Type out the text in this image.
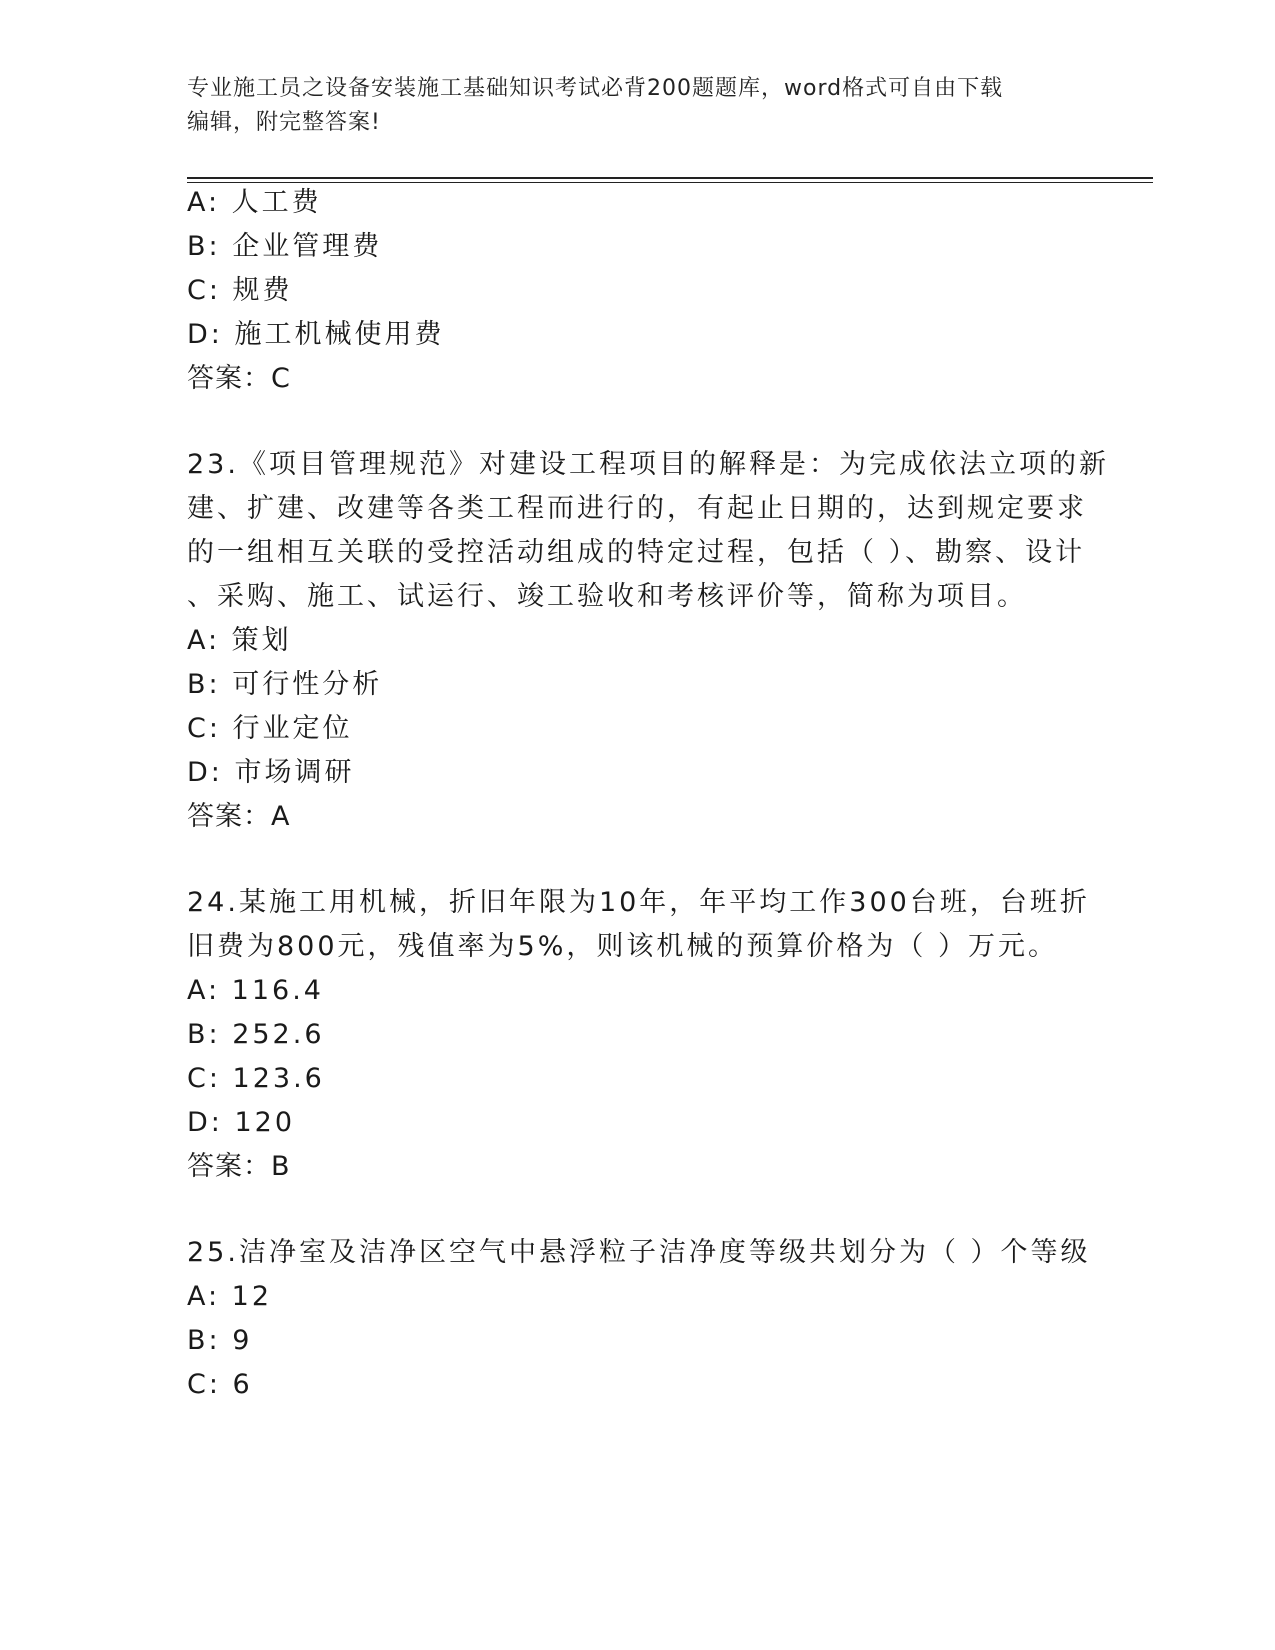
专业施工员之设备安装施工基础知识考试必背200题题库，word格式可自由下载
编辑，附完整答案!
A: 人工费
B: 企业管理费
C: 规费
D: 施工机械使用费
答案：C
23.《项目管理规范》对建设工程项目的解释是：为完成依法立项的新
建、扩建、改建等各类工程而进行的，有起止日期的，达到规定要求
的一组相互关联的受控活动组成的特定过程，包括（ ）、勘察、设计
、采购、施工、试运行、竣工验收和考核评价等，简称为项目。
A: 策划
B: 可行性分析
C: 行业定位
D: 市场调研
答案：A
24.某施工用机械，折旧年限为10年，年平均工作300台班，台班折
旧费为800元，残值率为5%，则该机械的预算价格为（ ）万元。
A: 116.4
B: 252.6
C: 123.6
D: 120
答案：B
25.洁净室及洁净区空气中悬浮粒子洁净度等级共划分为（ ）个等级
A: 12
B: 9
C: 6
